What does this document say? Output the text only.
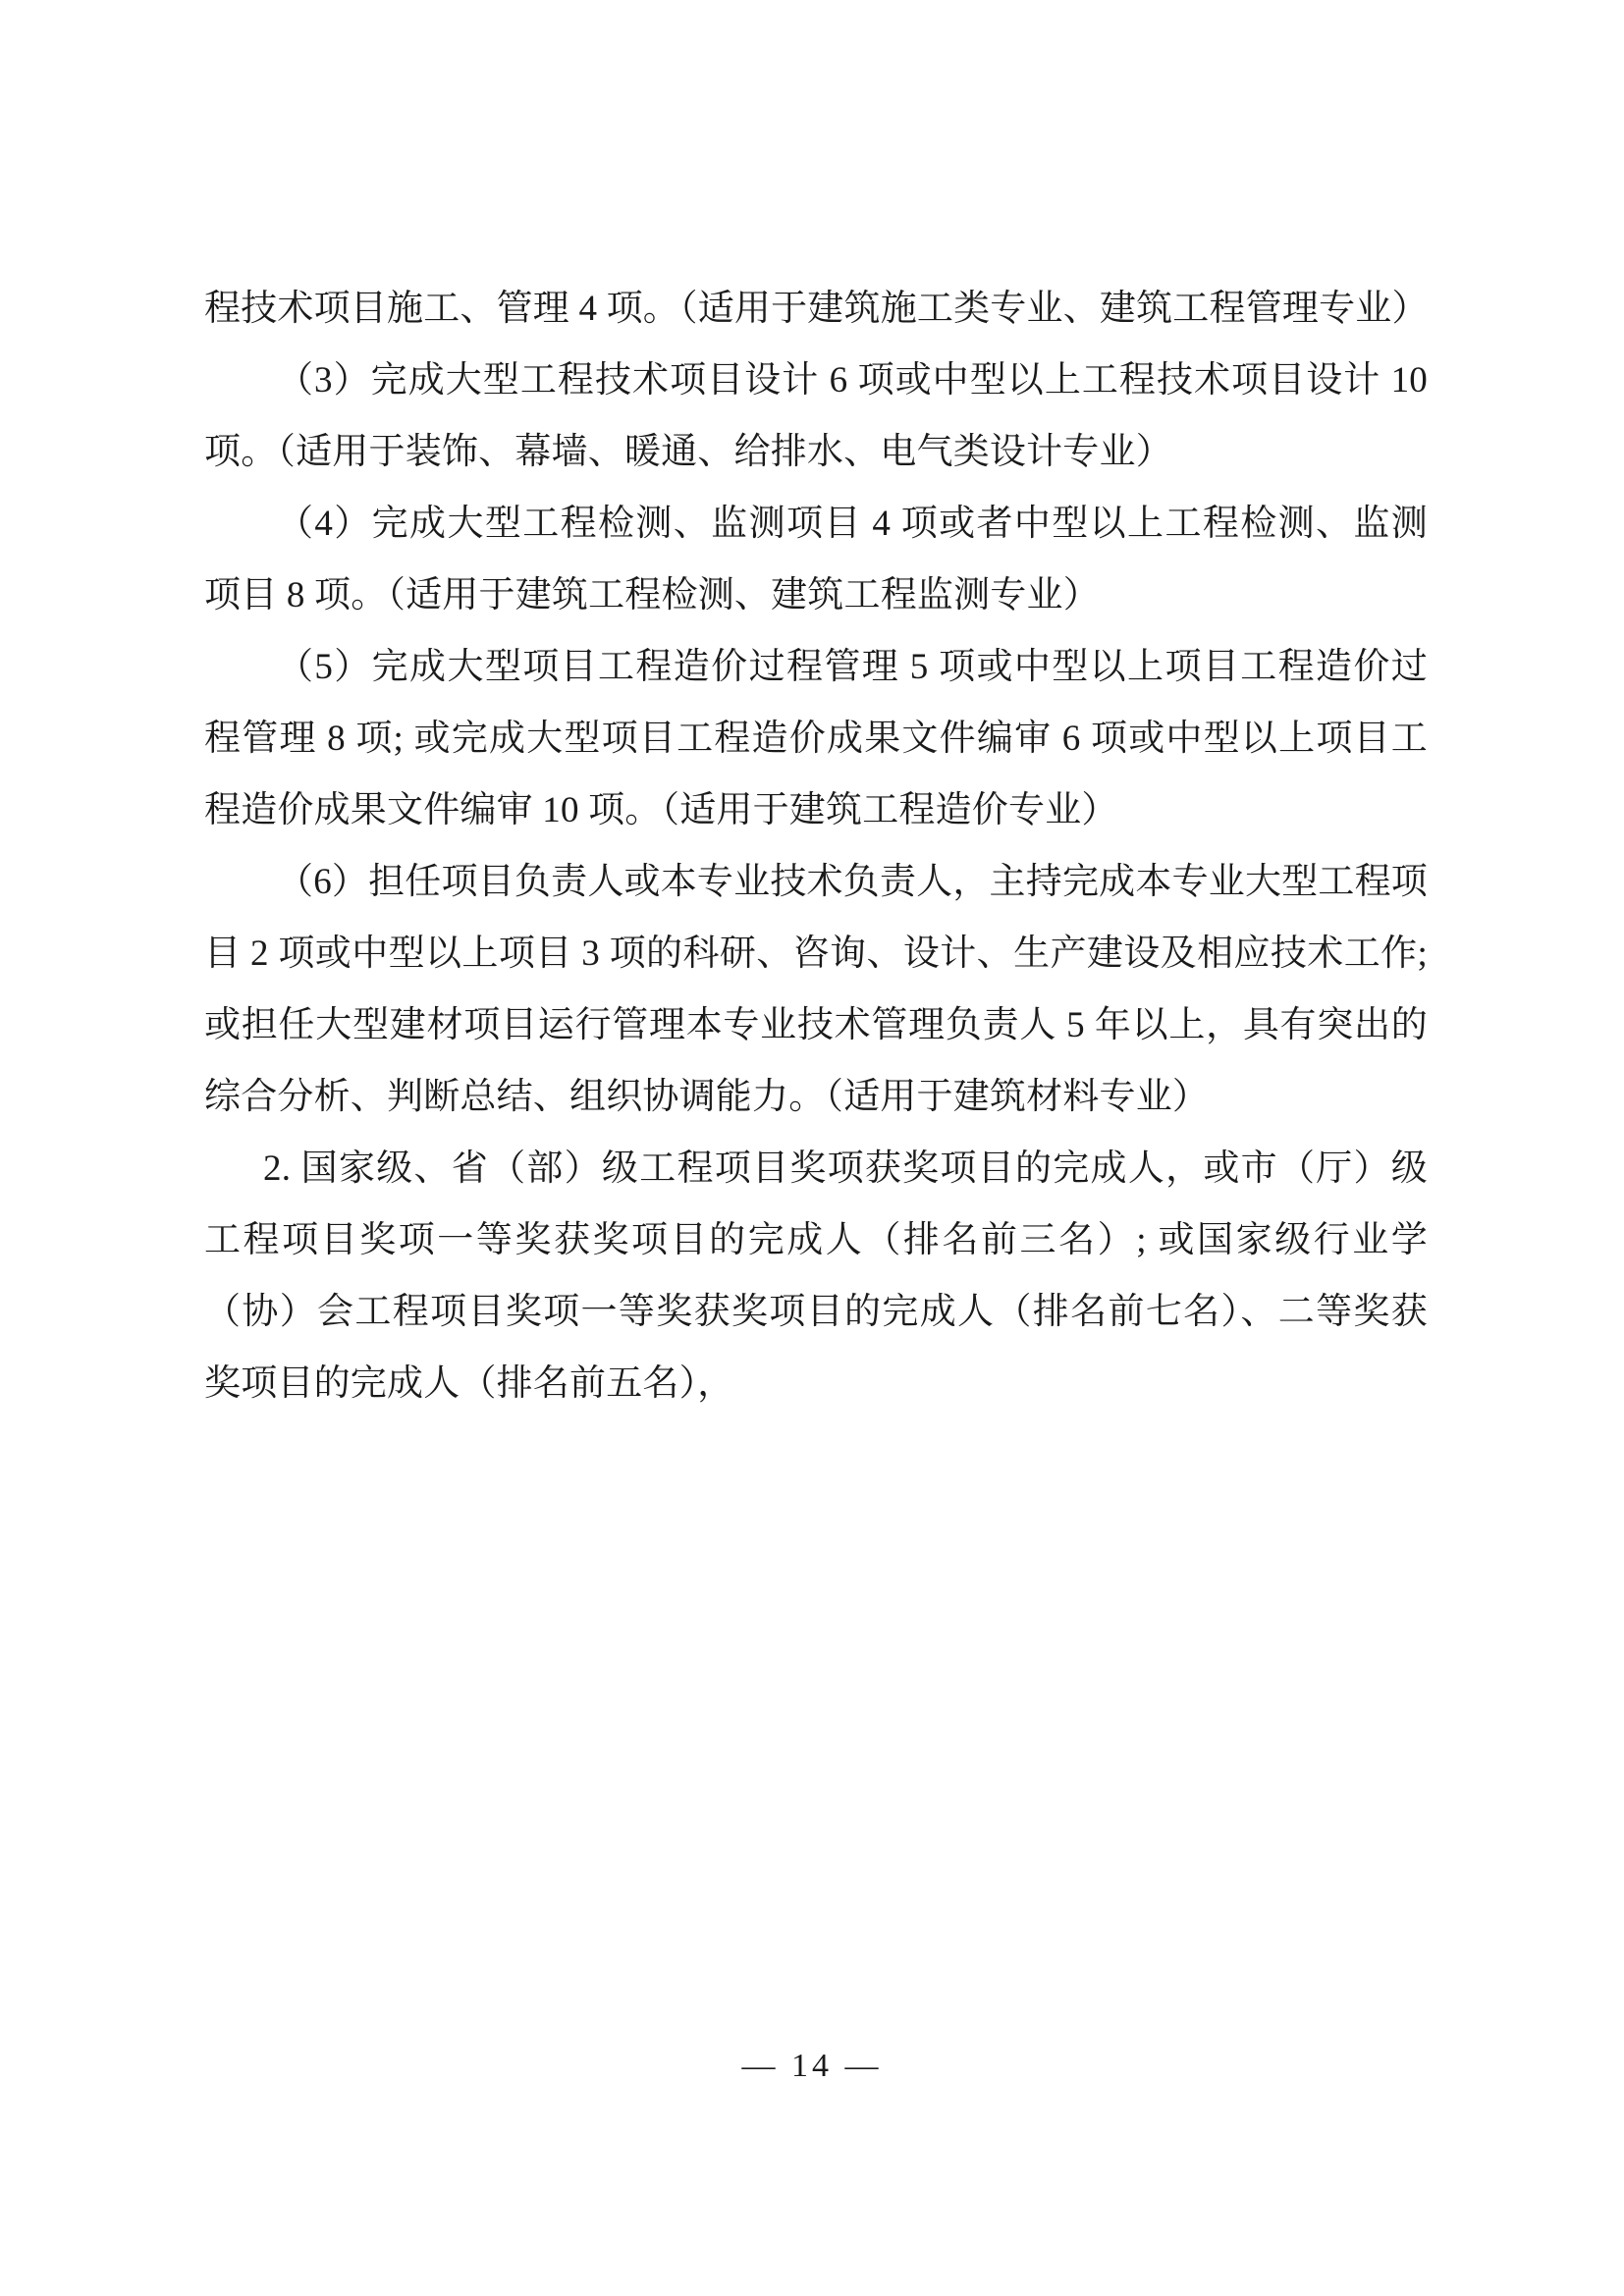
程技术项目施工、管理 4 项。（适用于建筑施工类专业、建筑工程管理专业）

（3）完成大型工程技术项目设计 6 项或中型以上工程技术项目设计 10 项。（适用于装饰、幕墙、暖通、给排水、电气类设计专业）

（4）完成大型工程检测、监测项目 4 项或者中型以上工程检测、监测项目 8 项。（适用于建筑工程检测、建筑工程监测专业）

（5）完成大型项目工程造价过程管理 5 项或中型以上项目工程造价过程管理 8 项; 或完成大型项目工程造价成果文件编审 6 项或中型以上项目工程造价成果文件编审 10 项。（适用于建筑工程造价专业）

（6）担任项目负责人或本专业技术负责人，主持完成本专业大型工程项目 2 项或中型以上项目 3 项的科研、咨询、设计、生产建设及相应技术工作; 或担任大型建材项目运行管理本专业技术管理负责人 5 年以上，具有突出的综合分析、判断总结、组织协调能力。（适用于建筑材料专业）

2. 国家级、省（部）级工程项目奖项获奖项目的完成人，或市（厅）级工程项目奖项一等奖获奖项目的完成人（排名前三名）; 或国家级行业学（协）会工程项目奖项一等奖获奖项目的完成人（排名前七名）、二等奖获奖项目的完成人（排名前五名），

— 14 —
